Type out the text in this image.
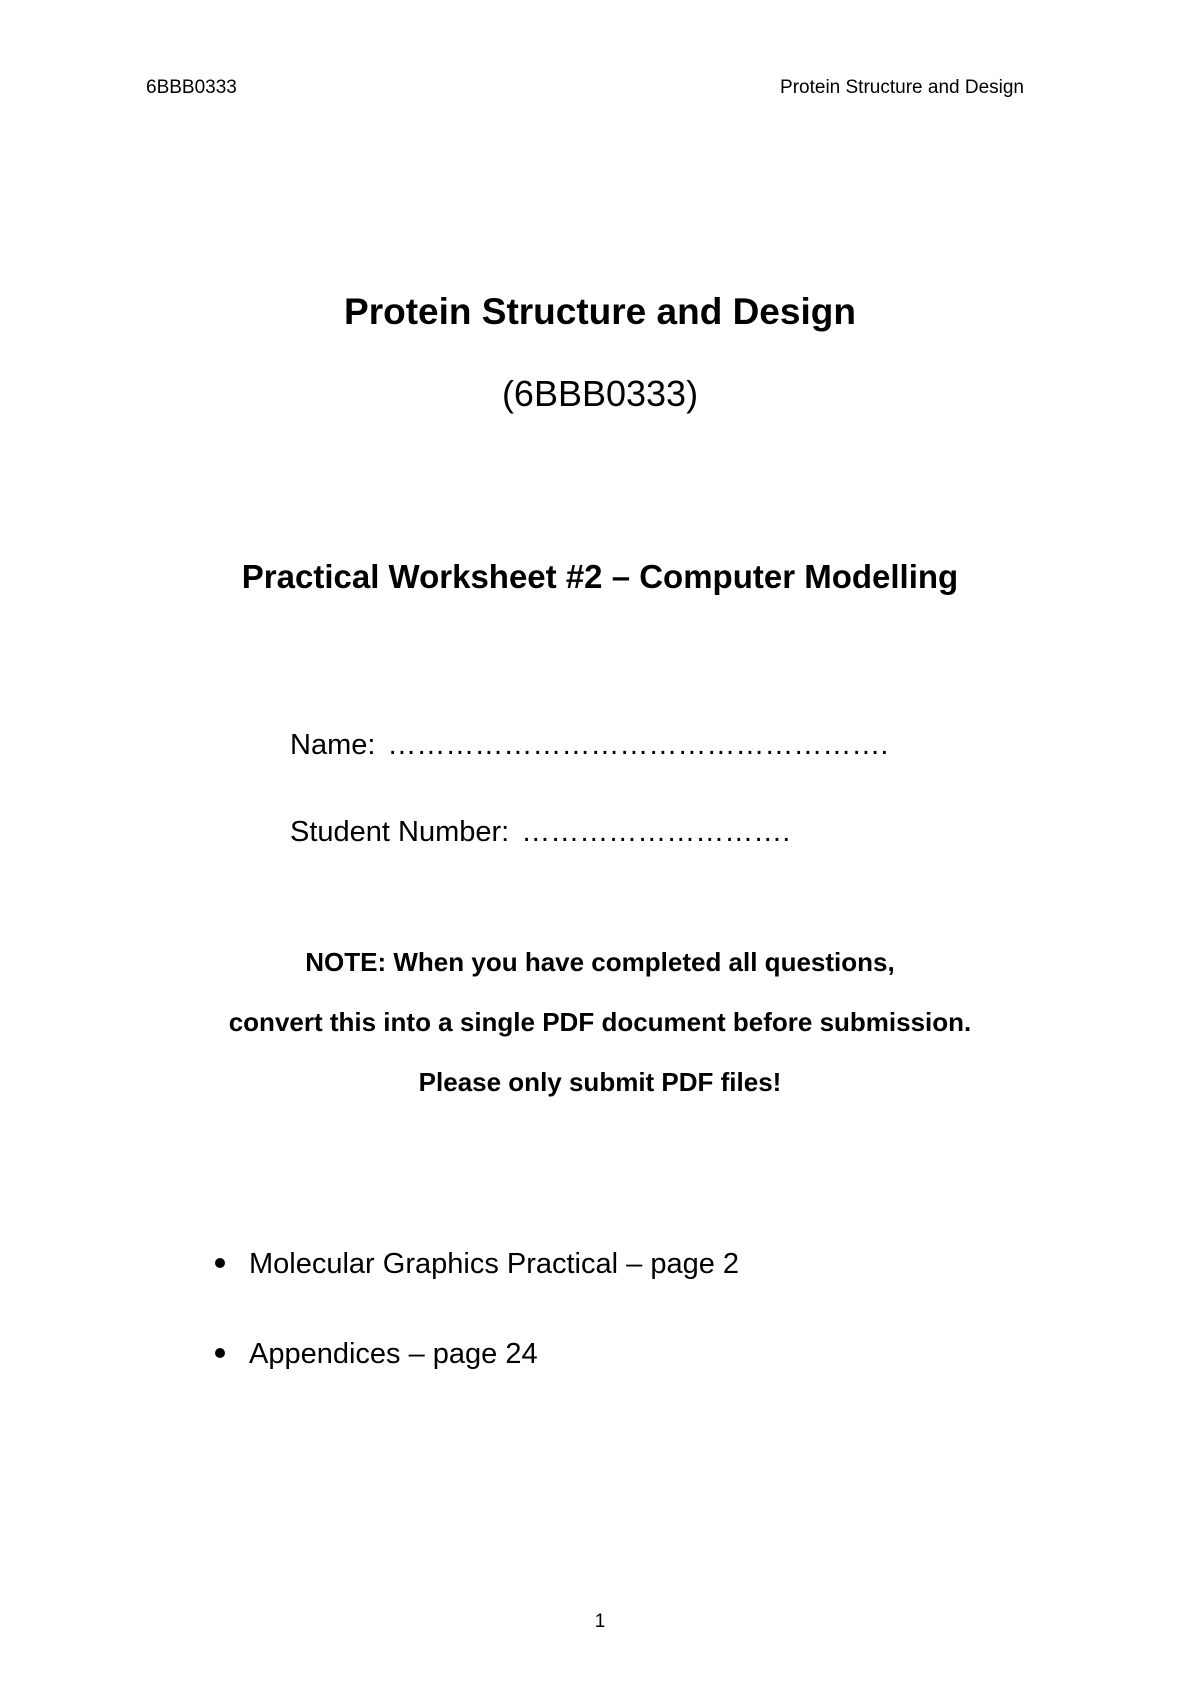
6BBB0333	Protein Structure and Design
Protein Structure and Design
(6BBB0333)
Practical Worksheet #2 – Computer Modelling
Name: …………………………………………….
Student Number: ……………………….
NOTE: When you have completed all questions,
convert this into a single PDF document before submission.
Please only submit PDF files!
Molecular Graphics Practical – page 2
Appendices – page 24
1
